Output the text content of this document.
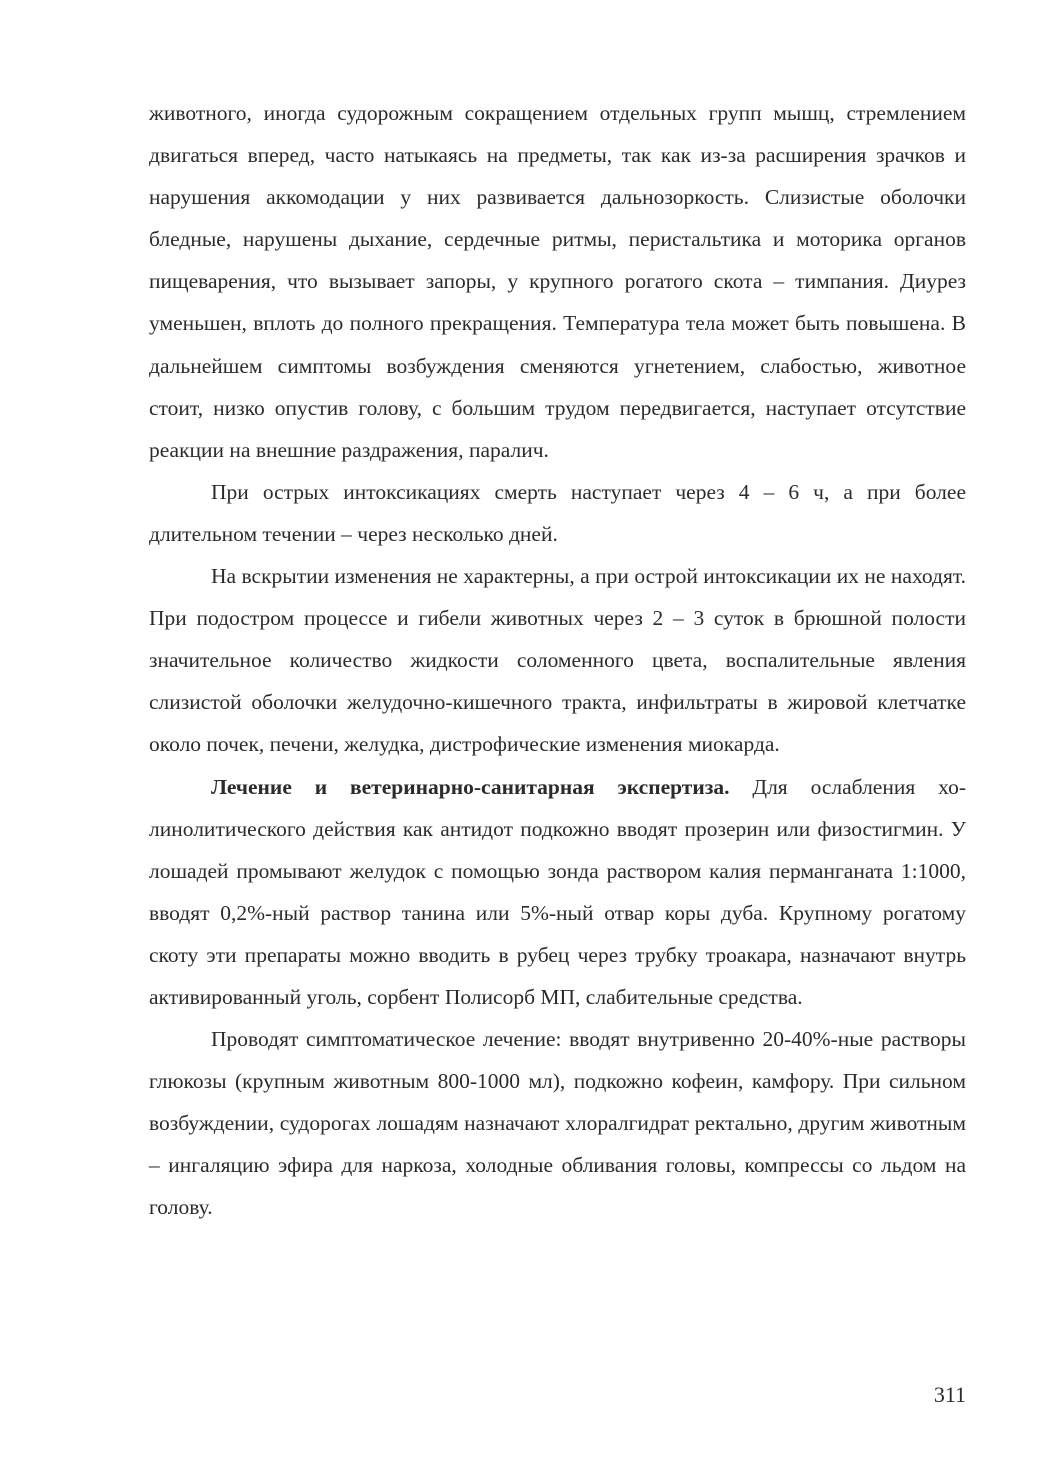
животного, иногда судорожным сокращением отдельных групп мышц, стремлением двигаться вперед, часто натыкаясь на предметы, так как из-за расширения зрачков и нарушения аккомодации у них развивается дальнозоркость. Слизистые оболочки бледные, нарушены дыхание, сердечные ритмы, перистальтика и моторика органов пищеварения, что вызывает запоры, у крупного рогатого скота – тимпания. Диурез уменьшен, вплоть до полного прекращения. Температура тела может быть повышена. В дальнейшем симптомы возбуждения сменяются угнетением, слабостью, животное стоит, низко опустив голову, с большим трудом передвигается, наступает отсутствие реакции на внешние раздражения, паралич.

При острых интоксикациях смерть наступает через 4 – 6 ч, а при более длительном течении – через несколько дней.

На вскрытии изменения не характерны, а при острой интоксикации их не находят. При подостром процессе и гибели животных через 2 – 3 суток в брюшной полости значительное количество жидкости соломенного цвета, воспалительные явления слизистой оболочки желудочно-кишечного тракта, инфильтраты в жировой клетчатке около почек, печени, желудка, дистрофические изменения миокарда.

Лечение и ветеринарно-санитарная экспертиза. Для ослабления холинолитического действия как антидот подкожно вводят прозерин или физостигмин. У лошадей промывают желудок с помощью зонда раствором калия перманганата 1:1000, вводят 0,2%-ный раствор танина или 5%-ный отвар коры дуба. Крупному рогатому скоту эти препараты можно вводить в рубец через трубку троакара, назначают внутрь активированный уголь, сорбент Полисорб МП, слабительные средства.

Проводят симптоматическое лечение: вводят внутривенно 20-40%-ные растворы глюкозы (крупным животным 800-1000 мл), подкожно кофеин, камфору. При сильном возбуждении, судорогах лошадям назначают хлоралгидрат ректально, другим животным – ингаляцию эфира для наркоза, холодные обливания головы, компрессы со льдом на голову.

311
